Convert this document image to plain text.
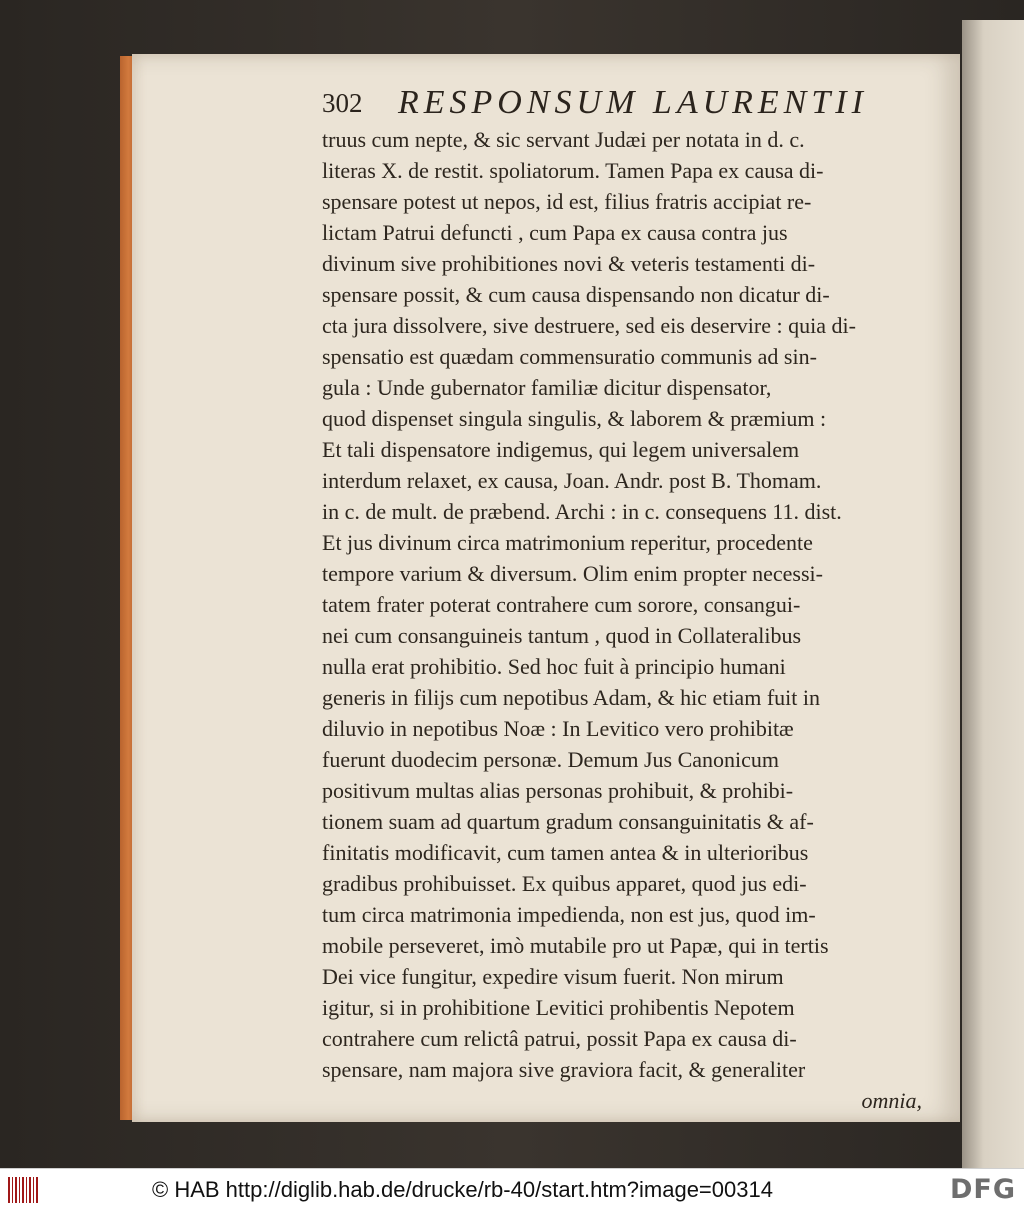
302 RESPONSUM LAURENTII
truus cum nepte, & sic servant Judæi per notata in d. c.
literas X. de restit. spoliatorum. Tamen Papa ex causa di-
spensare potest ut nepos, id est, filius fratris accipiat re-
lictam Patrui defuncti , cum Papa ex causa contra jus
divinum sive prohibitiones novi & veteris testamenti di-
spensare possit, & cum causa dispensando non dicatur di-
cta jura dissolvere, sive destruere, sed eis deservire : quia di-
spensatio est quædam commensuratio communis ad sin-
gula : Unde gubernator familiæ dicitur dispensator,
quod dispenset singula singulis, & laborem & præmium :
Et tali dispensatore indigemus, qui legem universalem
interdum relaxet, ex causa, Joan. Andr. post B. Thomam.
in c. de mult. de præbend. Archi : in c. consequens 11. dist.
Et jus divinum circa matrimonium reperitur, procedente
tempore varium & diversum. Olim enim propter necessi-
tatem frater poterat contrahere cum sorore, consangui-
nei cum consanguineis tantum , quod in Collateralibus
nulla erat prohibitio. Sed hoc fuit à principio humani
generis in filijs cum nepotibus Adam, & hic etiam fuit in
diluvio in nepotibus Noæ : In Levitico vero prohibitæ
fuerunt duodecim personæ. Demum Jus Canonicum
positivum multas alias personas prohibuit, & prohibi-
tionem suam ad quartum gradum consanguinitatis & af-
finitatis modificavit, cum tamen antea & in ulterioribus
gradibus prohibuisset. Ex quibus apparet, quod jus edi-
tum circa matrimonia impedienda, non est jus, quod im-
mobile perseveret, imò mutabile pro ut Papæ, qui in tertis
Dei vice fungitur, expedire visum fuerit. Non mirum
igitur, si in prohibitione Levitici prohibentis Nepotem
contrahere cum relictâ patrui, possit Papa ex causa di-
spensare, nam majora sive graviora facit, & generaliter
omnia,
© HAB http://diglib.hab.de/drucke/rb-40/start.htm?image=00314	DFG
